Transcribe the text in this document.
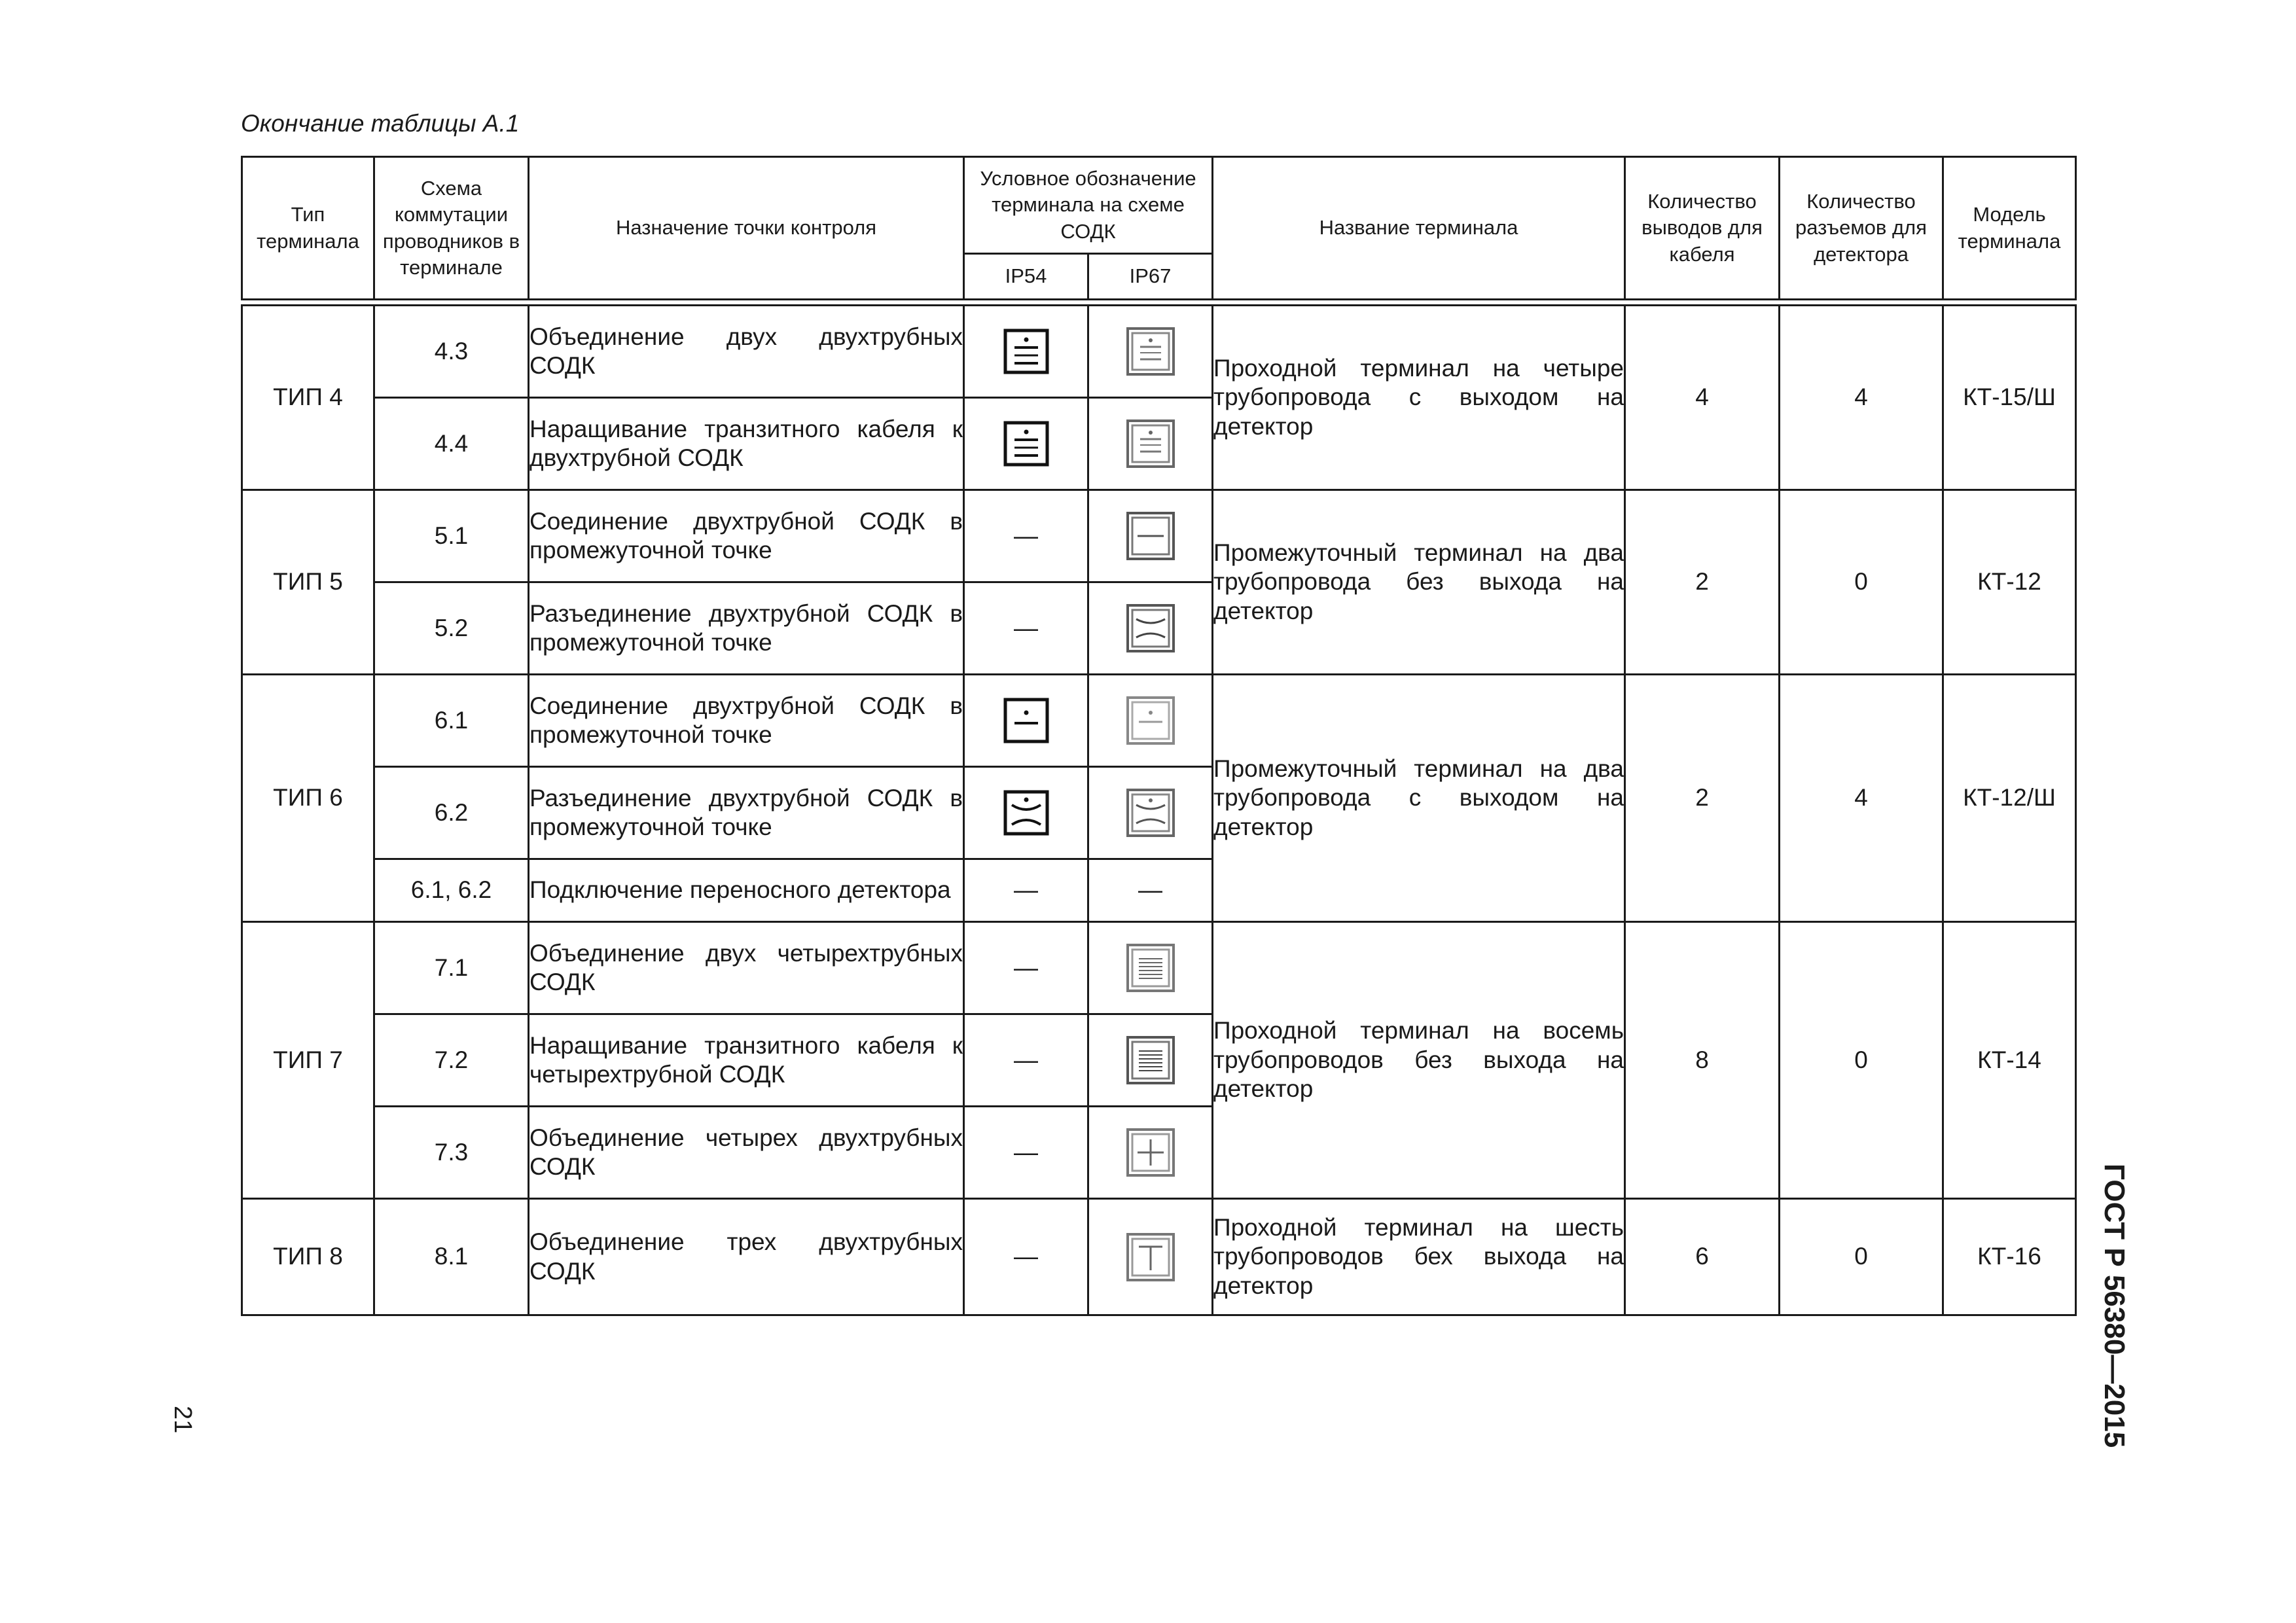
Окончание таблицы А.1
Тип терминала	Схема коммутации проводников в терминале	Назначение точки контроля	Условное обозначение терминала на схеме СОДК		Название терминала	Количество выводов для кабеля	Количество разъемов для детектора	Модель терминала
			IP54	IP67				

ТИП 4	4.3	Объединение двух двухтрубных СОДК			Проходной терминал на четыре трубопровода с выходом на детектор	4	4	КТ-15/Ш
	4.4	Наращивание транзитного кабеля к двухтрубной СОДК		
ТИП 5	5.1	Соединение двухтрубной СОДК в промежуточной точке	—		Промежуточный терминал на два трубопровода без выхода на детектор	2	0	КТ-12
	5.2	Разъединение двухтрубной СОДК в промежуточной точке	—	
ТИП 6	6.1	Соединение двухтрубной СОДК в промежуточной точке			Промежуточный терминал на два трубопровода с выходом на детектор	2	4	КТ-12/Ш
	6.2	Разъединение двухтрубной СОДК в промежуточной точке		
	6.1, 6.2	Подключение переносного детектора	—	—				
ТИП 7	7.1	Объединение двух четырехтрубных СОДК	—		Проходной терминал на восемь трубопроводов без выхода на детектор	8	0	КТ-14
	7.2	Наращивание транзитного кабеля к четырехтрубной СОДК	—	
	7.3	Объединение четырех двухтрубных СОДК	—	
ТИП 8	8.1	Объединение трех двухтрубных СОДК	—		Проходной терминал на шесть трубопроводов бех выхода на детектор	6	0	КТ-16
21	ГОСТ Р 56380—2015
